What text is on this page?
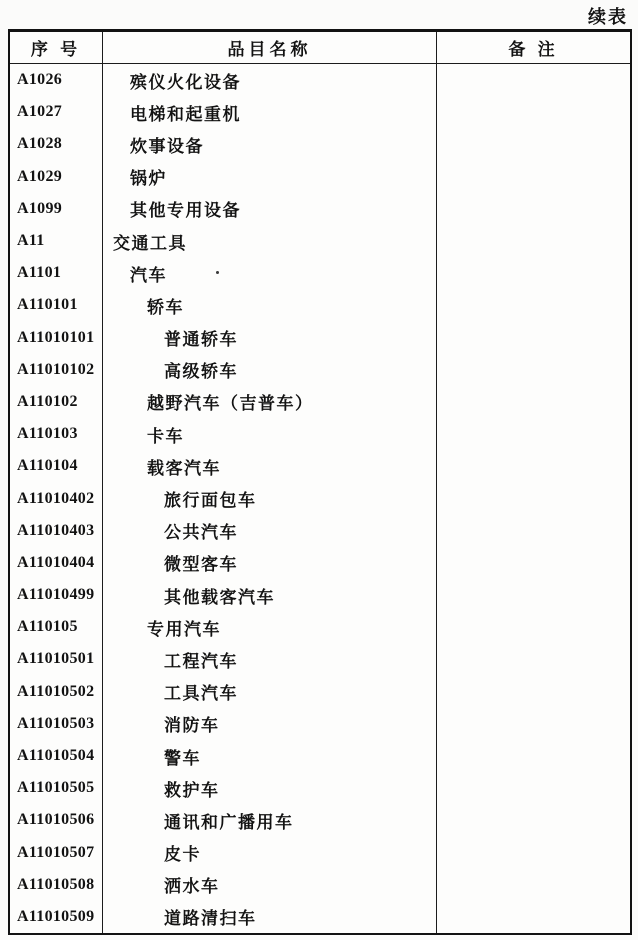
续表
序 号	品目名称	备 注
A1026	殡仪火化设备
A1027	电梯和起重机
A1028	炊事设备
A1029	锅炉
A1099	其他专用设备
A11	交通工具
A1101	汽车
A110101	轿车
A11010101	普通轿车
A11010102	高级轿车
A110102	越野汽车（吉普车）
A110103	卡车
A110104	载客汽车
A11010402	旅行面包车
A11010403	公共汽车
A11010404	微型客车
A11010499	其他载客汽车
A110105	专用汽车
A11010501	工程汽车
A11010502	工具汽车
A11010503	消防车
A11010504	警车
A11010505	救护车
A11010506	通讯和广播用车
A11010507	皮卡
A11010508	洒水车
A11010509	道路清扫车
